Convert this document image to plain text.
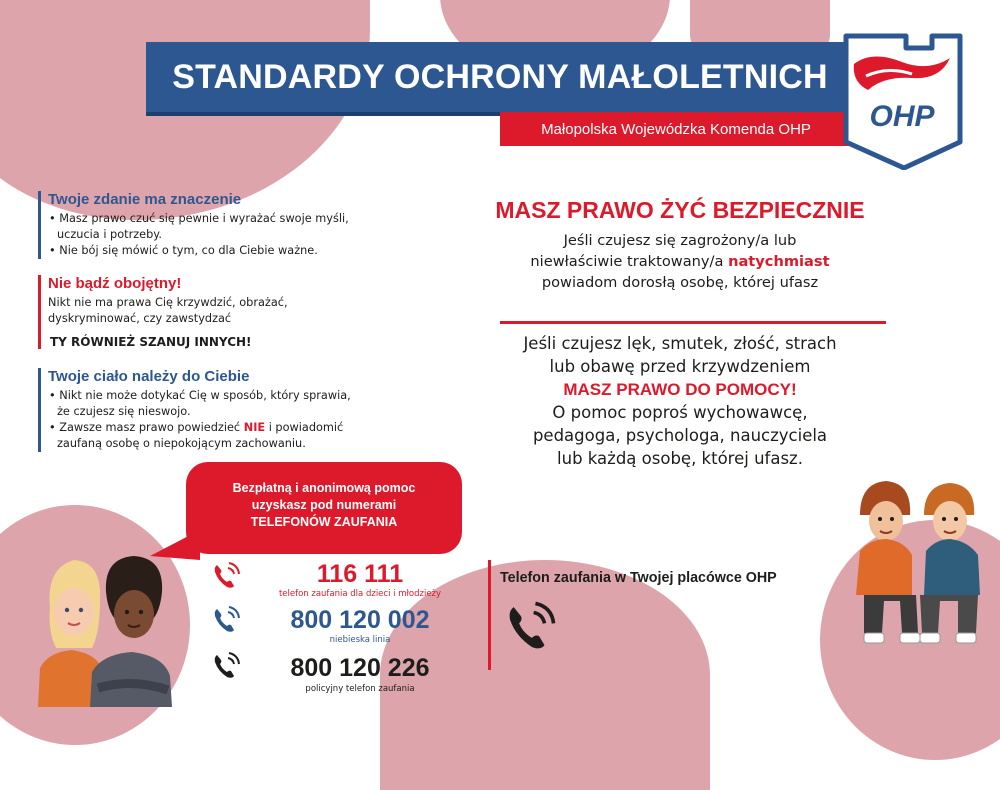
STANDARDY OCHRONY MAŁOLETNICH
Małopolska Wojewódzka Komenda OHP OHP

Twoje zdanie ma znaczenie

• Masz prawo czuć się pewnie i wyrażać swoje myśli,

uczucia i potrzeby.

• Nie bój się mówić o tym, co dla Ciebie ważne.

Nie bądź obojętny!

Nikt nie ma prawa Cię krzywdzić, obrażać,

dyskryminować, czy zawstydzać

TY RÓWNIEŻ SZANUJ INNYCH!

Twoje ciało należy do Ciebie

• Nikt nie może dotykać Cię w sposób, który sprawia,

że czujesz się nieswojo.

• Zawsze masz prawo powiedzieć NIE i powiadomić

zaufaną osobę o niepokojącym zachowaniu.

MASZ PRAWO ŻYĆ BEZPIECZNIE
Jeśli czujesz się zagrożony/a lub
niewłaściwie traktowany/a natychmiast
powiadom dorosłą osobę, której ufasz
Jeśli czujesz lęk, smutek, złość, strach
lub obawę przed krzywdzeniem
MASZ PRAWO DO POMOCY!
O pomoc poproś wychowawcę,
pedagoga, psychologa, nauczyciela
lub każdą osobę, której ufasz.
Bezpłatną i anonimową pomoc
uzyskasz pod numerami
TELEFONÓW ZAUFANIA
116 111
telefon zaufania dla dzieci i młodzieży
800 120 002
niebieska linia
800 120 226
policyjny telefon zaufania
Telefon zaufania w Twojej placówce OHP
